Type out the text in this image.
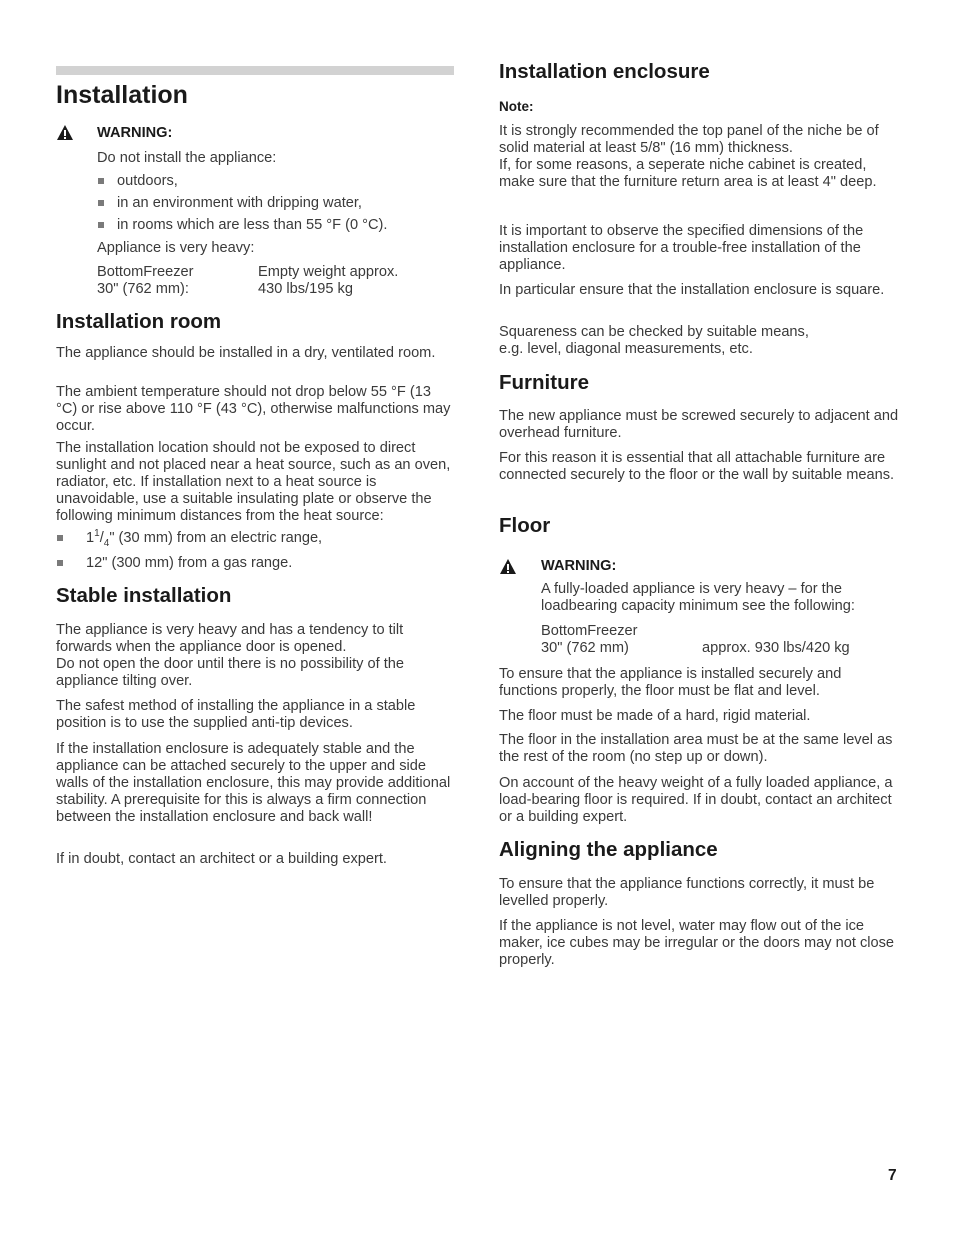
Installation
WARNING:

Do not install the appliance:

outdoors,

in an environment with dripping water,

in rooms which are less than 55 °F (0 °C).

Appliance is very heavy:

BottomFreezer

30" (762 mm):

Empty weight approx.

430 lbs/195 kg

Installation room

The appliance should be installed in a dry, ventilated room.

The ambient temperature should not drop below 55 °F (13 °C) or rise above 110 °F (43 °C), otherwise malfunctions may occur.

The installation location should not be exposed to direct sunlight and not placed near a heat source, such as an oven, radiator, etc. If installation next to a heat source is unavoidable, use a suitable insulating plate or observe the following minimum distances from the heat source:

$1^1/_4$" (30 mm) from an electric range,

12" (300 mm) from a gas range.

Stable installation

The appliance is very heavy and has a tendency to tilt forwards when the appliance door is opened.

Do not open the door until there is no possibility of the appliance tilting over.

The safest method of installing the appliance in a stable position is to use the supplied anti-tip devices.

If the installation enclosure is adequately stable and the appliance can be attached securely to the upper and side walls of the installation enclosure, this may provide additional stability. A prerequisite for this is always a firm connection between the installation enclosure and back wall!

If in doubt, contact an architect or a building expert.

Installation enclosure
Note:

It is strongly recommended the top panel of the niche be of solid material at least 5/8" (16 mm) thickness.

If, for some reasons, a seperate niche cabinet is created, make sure that the furniture return area is at least 4" deep.

It is important to observe the specified dimensions of the installation enclosure for a trouble-free installation of the appliance.

In particular ensure that the installation enclosure is square.

Squareness can be checked by suitable means,

e.g. level, diagonal measurements, etc.

Furniture

The new appliance must be screwed securely to adjacent and overhead furniture.

For this reason it is essential that all attachable furniture are connected securely to the floor or the wall by suitable means.

Floor
WARNING:

A fully-loaded appliance is very heavy – for the loadbearing capacity minimum see the following:

BottomFreezer

30" (762 mm)	approx. 930 lbs/420 kg

To ensure that the appliance is installed securely and functions properly, the floor must be flat and level.

The floor must be made of a hard, rigid material.

The floor in the installation area must be at the same level as the rest of the room (no step up or down).

On account of the heavy weight of a fully loaded appliance, a load-bearing floor is required. If in doubt, contact an architect or a building expert.

Aligning the appliance

To ensure that the appliance functions correctly, it must be levelled properly.

If the appliance is not level, water may flow out of the ice maker, ice cubes may be irregular or the doors may not close properly.

7
